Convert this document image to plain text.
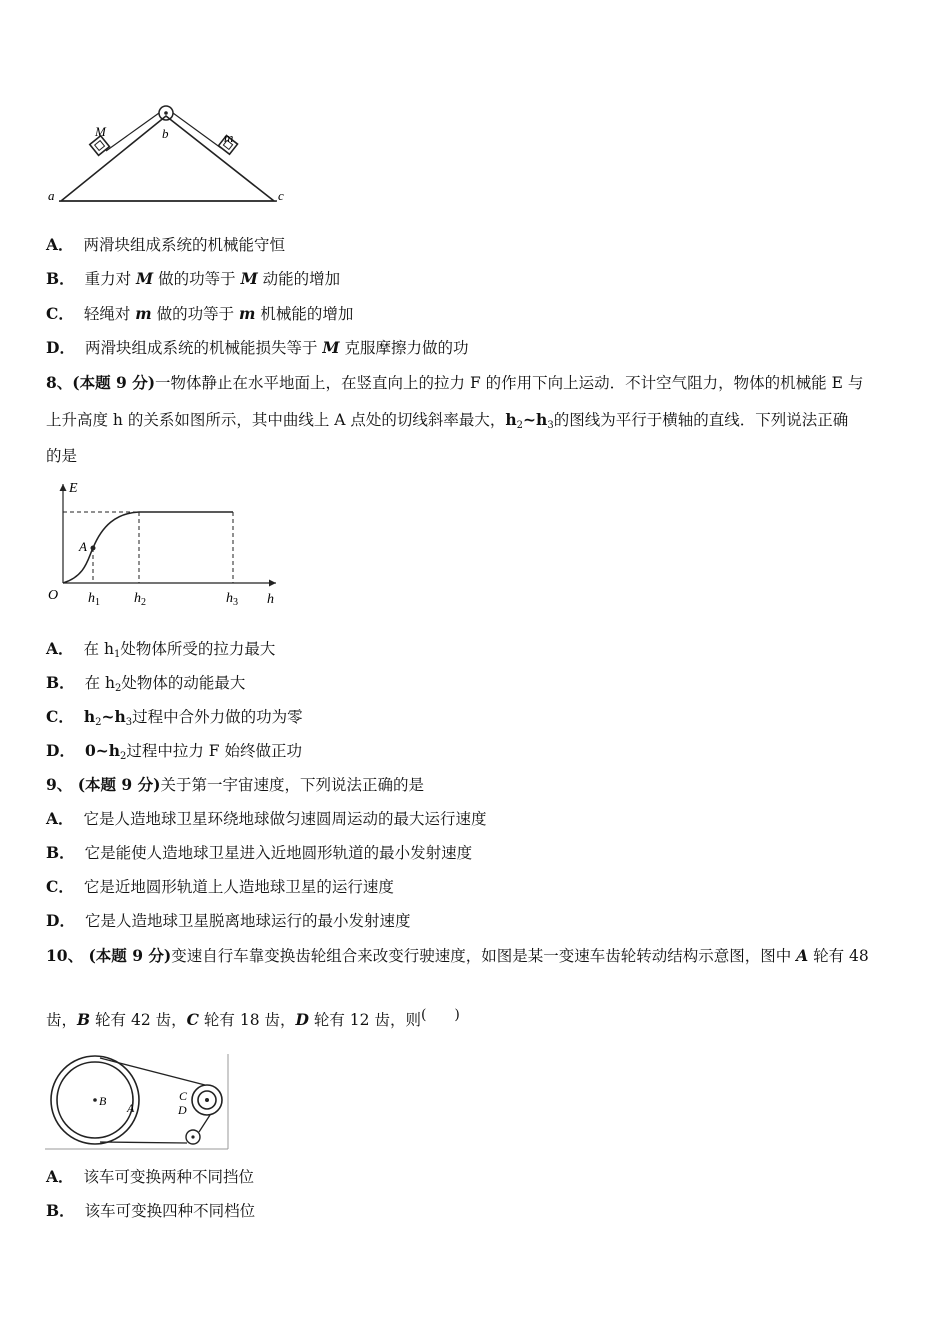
M	m
b
a	c
A． 两滑块组成系统的机械能守恒
B． 重力对 M 做的功等于 M 动能的增加
C． 轻绳对 m 做的功等于 m 机械能的增加
D． 两滑块组成系统的机械能损失等于 M 克服摩擦力做的功
8、(本题 9 分)一物体静止在水平地面上，在竖直向上的拉力 F 的作用下向上运动．不计空气阻力，物体的机械能 E 与
上升高度 h 的关系如图所示，其中曲线上 A 点处的切线斜率最大，$h_2\sim h_3$的图线为平行于横轴的直线．下列说法正确
的是
E
O
A
h
$h_1$ $h_2$	$h_3$
A． 在 $h_1$处物体所受的拉力最大
B． 在 $h_2$处物体的动能最大
C． $h_2\sim h_3$过程中合外力做的功为零
D． $0\sim h_2$过程中拉力 F 始终做正功
9、 (本题 9 分)关于第一宇宙速度，下列说法正确的是
A． 它是人造地球卫星环绕地球做匀速圆周运动的最大运行速度
B． 它是能使人造地球卫星进入近地圆形轨道的最小发射速度
C． 它是近地圆形轨道上人造地球卫星的运行速度
D． 它是人造地球卫星脱离地球运行的最小发射速度
10、 (本题 9 分)变速自行车靠变换齿轮组合来改变行驶速度，如图是某一变速车齿轮转动结构示意图，图中 A 轮有 48
齿，B 轮有 42 齿，C 轮有 18 齿，D 轮有 12 齿，则(　　)
B A
C
D
A． 该车可变换两种不同挡位
B． 该车可变换四种不同档位
